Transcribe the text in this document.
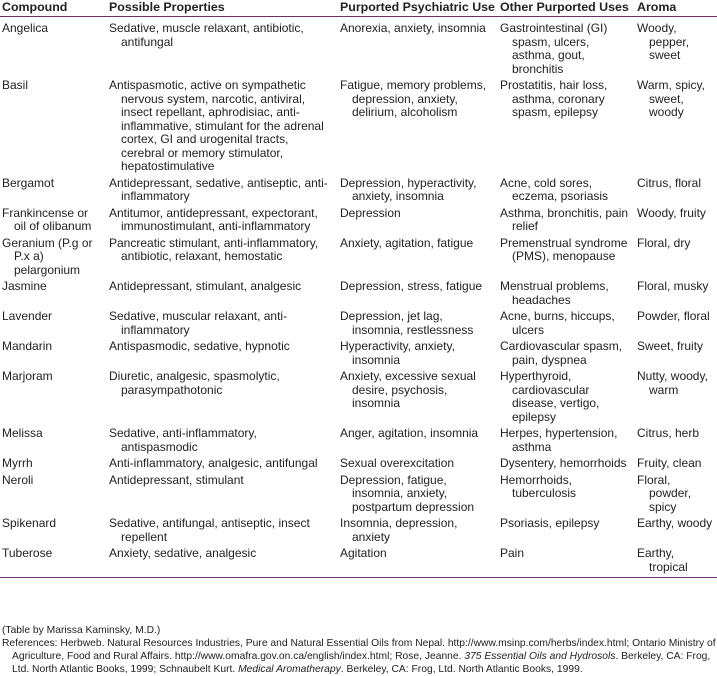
Compound	Possible Properties	Purported Psychiatric Use	Other Purported Uses	Aroma

Angelica	Sedative, muscle relaxant, antibiotic, antifungal	Anorexia, anxiety, insomnia	Gastrointestinal (GI) spasm, ulcers, asthma, gout, bronchitis	Woody, pepper, sweet

Basil	Antispasmotic, active on sympathetic nervous system, narcotic, antiviral, insect repellant, aphrodisiac, anti-inflammative, stimulant for the adrenal cortex, GI and urogenital tracts, cerebral or memory stimulator, hepatostimulative	Fatigue, memory problems, depression, anxiety, delirium, alcoholism	Prostatitis, hair loss, asthma, coronary spasm, epilepsy	Warm, spicy, sweet, woody

Bergamot	Antidepressant, sedative, antiseptic, anti-inflammatory	Depression, hyperactivity, anxiety, insomnia	Acne, cold sores, eczema, psoriasis	Citrus, floral

Frankincense or oil of olibanum	Antitumor, antidepressant, expectorant, immunostimulant, anti-inflammatory	Depression	Asthma, bronchitis, pain relief	Woody, fruity

Geranium (P.g or P.x a) pelargonium	Pancreatic stimulant, anti-inflammatory, antibiotic, relaxant, hemostatic	Anxiety, agitation, fatigue	Premenstrual syndrome (PMS), menopause	Floral, dry

Jasmine	Antidepressant, stimulant, analgesic	Depression, stress, fatigue	Menstrual problems, headaches	Floral, musky

Lavender	Sedative, muscular relaxant, anti-inflammatory	Depression, jet lag, insomnia, restlessness	Acne, burns, hiccups, ulcers	Powder, floral

Mandarin	Antispasmodic, sedative, hypnotic	Hyperactivity, anxiety, insomnia	Cardiovascular spasm, pain, dyspnea	Sweet, fruity

Marjoram	Diuretic, analgesic, spasmolytic, parasympathotonic	Anxiety, excessive sexual desire, psychosis, insomnia	Hyperthyroid, cardiovascular disease, vertigo, epilepsy	Nutty, woody, warm

Melissa	Sedative, anti-inflammatory, antispasmodic	Anger, agitation, insomnia	Herpes, hypertension, asthma	Citrus, herb

Myrrh	Anti-inflammatory, analgesic, antifungal	Sexual overexcitation	Dysentery, hemorrhoids	Fruity, clean

Neroli	Antidepressant, stimulant	Depression, fatigue, insomnia, anxiety, postpartum depression	Hemorrhoids, tuberculosis	Floral, powder, spicy

Spikenard	Sedative, antifungal, antiseptic, insect repellent	Insomnia, depression, anxiety	Psoriasis, epilepsy	Earthy, woody

Tuberose	Anxiety, sedative, analgesic	Agitation	Pain	Earthy, tropical
(Table by Marissa Kaminsky, M.D.)
References: Herbweb. Natural Resources Industries, Pure and Natural Essential Oils from Nepal. http://www.msinp.com/herbs/index.html; Ontario Ministry of Agriculture, Food and Rural Affairs. http://www.omafra.gov.on.ca/english/index.html; Rose, Jeanne. 375 Essential Oils and Hydrosols. Berkeley, CA: Frog, Ltd. North Atlantic Books, 1999; Schnaubelt Kurt. Medical Aromatherapy. Berkeley, CA: Frog, Ltd. North Atlantic Books, 1999.
